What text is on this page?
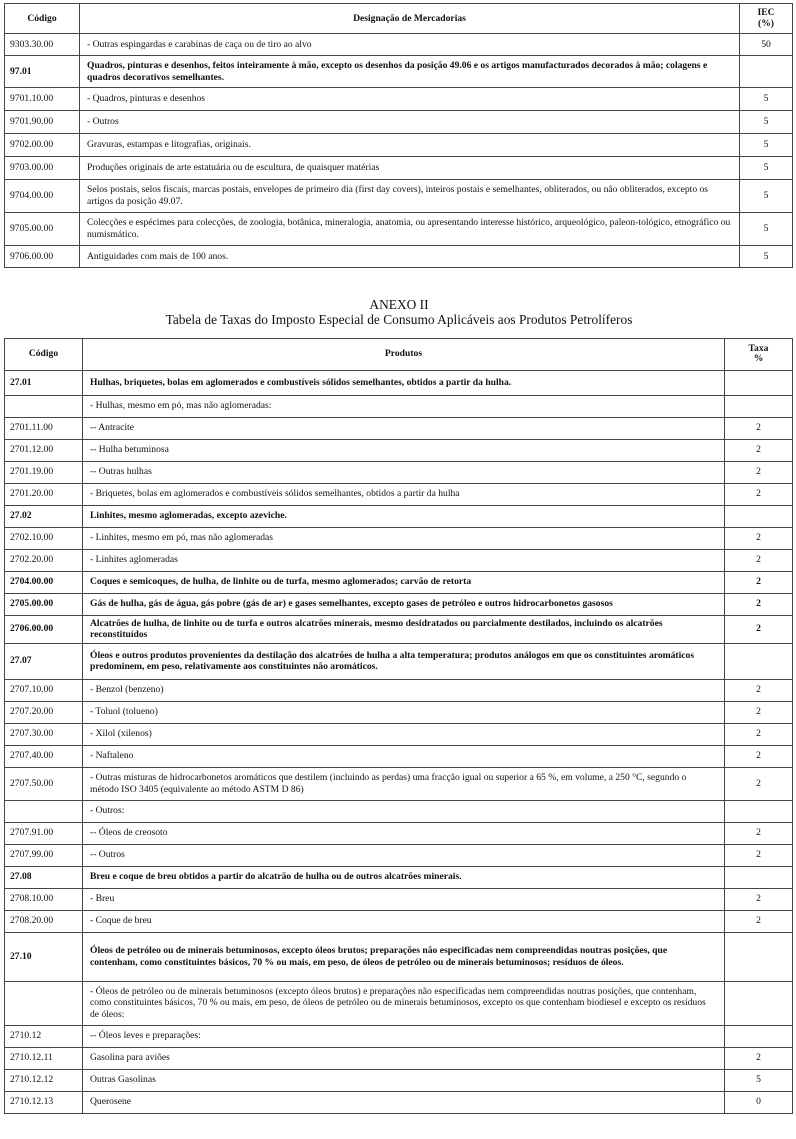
Código	Designação de Mercadorias	IEC
(%)
9303.30.00	- Outras espingardas e carabinas de caça ou de tiro ao alvo	50
97.01	Quadros, pinturas e desenhos, feitos inteiramente à mão, excepto os desenhos da posição 49.06 e os artigos manufacturados decorados à mão; colagens e quadros decorativos semelhantes.	
9701.10.00	- Quadros, pinturas e desenhos	5
9701.90.00	- Outros	5
9702.00.00	Gravuras, estampas e litografias, originais.	5
9703.00.00	Produções originais de arte estatuária ou de escultura, de quaisquer matérias	5
9704.00.00	Selos postais, selos fiscais, marcas postais, envelopes de primeiro dia (first day covers), inteiros postais e semelhantes, obliterados, ou não obliterados, excepto os artigos da posição 49.07.	5
9705.00.00	Colecções e espécimes para colecções, de zoologia, botânica, mineralogia, anatomia, ou apresentando interesse histórico, arqueológico, paleon-tológico, etnográfico ou numismático.	5
9706.00.00	Antiguidades com mais de 100 anos.	5
ANEXO II
Tabela de Taxas do Imposto Especial de Consumo Aplicáveis aos Produtos Petrolíferos
Código	Produtos	Taxa
%
27.01	Hulhas, briquetes, bolas em aglomerados e combustíveis sólidos semelhantes, obtidos a partir da hulha.	
	- Hulhas, mesmo em pó, mas não aglomeradas:	
2701.11.00	-- Antracite	2
2701.12.00	-- Hulha betuminosa	2
2701.19.00	-- Outras hulhas	2
2701.20.00	- Briquetes, bolas em aglomerados e combustíveis sólidos semelhantes, obtidos a partir da hulha	2
27.02	Linhites, mesmo aglomeradas, excepto azeviche.	
2702.10.00	- Linhites, mesmo em pó, mas não aglomeradas	2
2702.20.00	- Linhites aglomeradas	2
2704.00.00	Coques e semicoques, de hulha, de linhite ou de turfa, mesmo aglomerados; carvão de retorta	2
2705.00.00	Gás de hulha, gás de água, gás pobre (gás de ar) e gases semelhantes, excepto gases de petróleo e outros hidrocarbonetos gasosos	2
2706.00.00	Alcatrões de hulha, de linhite ou de turfa e outros alcatrões minerais, mesmo desidratados ou parcialmente destilados, incluindo os alcatrões reconstituídos	2
27.07	Óleos e outros produtos provenientes da destilação dos alcatrões de hulha a alta temperatura; produtos análogos em que os constituintes aromáticos predominem, em peso, relativamente aos constituintes não aromáticos.	
2707.10.00	- Benzol (benzeno)	2
2707.20.00	- Toluol (tolueno)	2
2707.30.00	- Xilol (xilenos)	2
2707.40.00	- Naftaleno	2
2707.50.00	- Outras misturas de hidrocarbonetos aromáticos que destilem (incluindo as perdas) uma fracção igual ou superior a 65 %, em volume, a 250 °C, segundo o método ISO 3405 (equivalente ao método ASTM D 86)	2
	- Outros:	
2707.91.00	-- Óleos de creosoto	2
2707.99.00	-- Outros	2
27.08	Breu e coque de breu obtidos a partir do alcatrão de hulha ou de outros alcatrões minerais.	
2708.10.00	- Breu	2
2708.20.00	- Coque de breu	2
27.10	Óleos de petróleo ou de minerais betuminosos, excepto óleos brutos; preparações não especificadas nem compreendidas noutras posições, que contenham, como constituintes básicos, 70 % ou mais, em peso, de óleos de petróleo ou de minerais betuminosos; resíduos de óleos.	
	- Óleos de petróleo ou de minerais betuminosos (excepto óleos brutos) e preparações não especificadas nem compreendidas noutras posições, que contenham, como constituintes básicos, 70 % ou mais, em peso, de óleos de petróleo ou de minerais betuminosos, excepto os que contenham biodiesel e excepto os resíduos de óleos:	
2710.12	-- Óleos leves e preparações:	
2710.12.11	Gasolina para aviões	2
2710.12.12	Outras Gasolinas	5
2710.12.13	Querosene	0
